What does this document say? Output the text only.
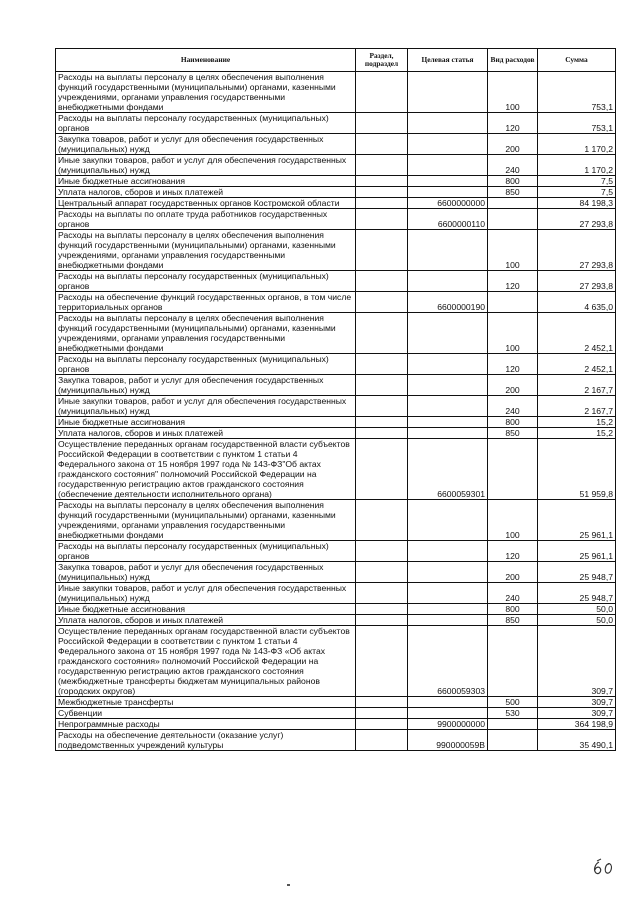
Наименование	Раздел, подраздел	Целевая статья	Вид расходов	Сумма
Расходы на выплаты персоналу в целях обеспечения выполнения функций государственными (муниципальными) органами, казенными учреждениями, органами управления государственными внебюджетными фондами			100	753,1
Расходы на выплаты персоналу государственных (муниципальных) органов			120	753,1
Закупка товаров, работ и услуг для обеспечения государственных (муниципальных) нужд			200	1 170,2
Иные закупки товаров, работ и услуг для обеспечения государственных (муниципальных) нужд			240	1 170,2
Иные бюджетные ассигнования			800	7,5
Уплата налогов, сборов и иных платежей			850	7,5
Центральный аппарат государственных органов Костромской области		6600000000		84 198,3
Расходы на выплаты по оплате труда работников государственных органов		6600000110		27 293,8
Расходы на выплаты персоналу в целях обеспечения выполнения функций государственными (муниципальными) органами, казенными учреждениями, органами управления государственными внебюджетными фондами			100	27 293,8
Расходы на выплаты персоналу государственных (муниципальных) органов			120	27 293,8
Расходы на обеспечение функций государственных органов, в том числе территориальных органов		6600000190		4 635,0
Расходы на выплаты персоналу в целях обеспечения выполнения функций государственными (муниципальными) органами, казенными учреждениями, органами управления государственными внебюджетными фондами			100	2 452,1
Расходы на выплаты персоналу государственных (муниципальных) органов			120	2 452,1
Закупка товаров, работ и услуг для обеспечения государственных (муниципальных) нужд			200	2 167,7
Иные закупки товаров, работ и услуг для обеспечения государственных (муниципальных) нужд			240	2 167,7
Иные бюджетные ассигнования			800	15,2
Уплата налогов, сборов и иных платежей			850	15,2
Осуществление переданных органам государственной власти субъектов Российской Федерации в соответствии с пунктом 1 статьи 4 Федерального закона от 15 ноября 1997 года № 143-ФЗ"Об актах гражданского состояния" полномочий Российской Федерации на государственную регистрацию актов гражданского состояния (обеспечение деятельности исполнительного органа)		6600059301		51 959,8
Расходы на выплаты персоналу в целях обеспечения выполнения функций государственными (муниципальными) органами, казенными учреждениями, органами управления государственными внебюджетными фондами			100	25 961,1
Расходы на выплаты персоналу государственных (муниципальных) органов			120	25 961,1
Закупка товаров, работ и услуг для обеспечения государственных (муниципальных) нужд			200	25 948,7
Иные закупки товаров, работ и услуг для обеспечения государственных (муниципальных) нужд			240	25 948,7
Иные бюджетные ассигнования			800	50,0
Уплата налогов, сборов и иных платежей			850	50,0
Осуществление переданных органам государственной власти субъектов Российской Федерации в соответствии с пунктом 1 статьи 4 Федерального закона от 15 ноября 1997 года № 143-ФЗ «Об актах гражданского состояния» полномочий Российской Федерации на государственную регистрацию актов гражданского состояния (межбюджетные трансферты бюджетам муниципальных районов (городских округов)		6600059303		309,7
Межбюджетные трансферты			500	309,7
Субвенции			530	309,7
Непрограммные расходы		9900000000		364 198,9
Расходы на обеспечение деятельности (оказание услуг) подведомственных учреждений культуры		990000059В		35 490,1
